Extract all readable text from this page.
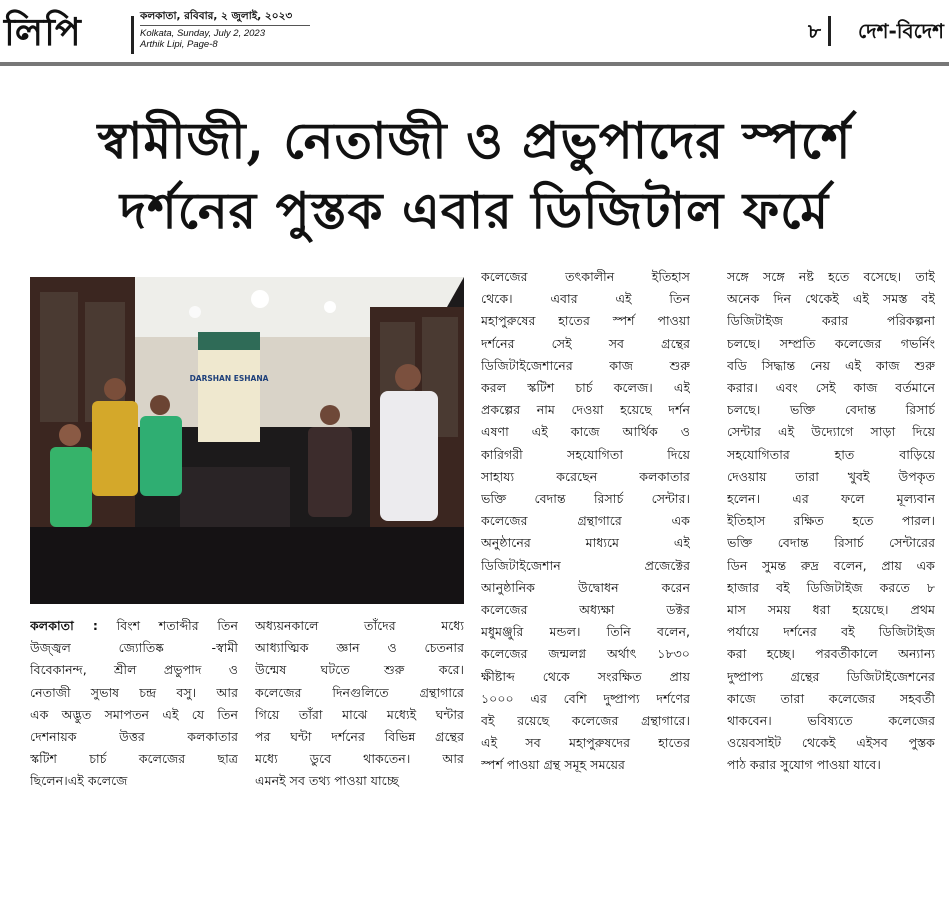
লিপি	কলকাতা, রবিবার, ২ জুলাই, ২০২৩
Kolkata, Sunday, July 2, 2023
Arthik Lipi, Page-8
৮ দেশ-বিদেশ
স্বামীজী, নেতাজী ও প্রভুপাদের স্পর্শে
দর্শনের পুস্তক এবার ডিজিটাল ফর্মে
DARSHAN ESHANA
কলকাতা : বিংশ শতাব্দীর তিন
উজ্জ্বল জ্যোতিষ্ক -স্বামী
বিবেকানন্দ, শ্রীল প্রভুপাদ ও
নেতাজী সুভাষ চন্দ্র বসু। আর
এক অদ্ভুত সমাপতন এই যে তিন
দেশনায়ক উত্তর কলকাতার
স্কটিশ চার্চ কলেজের ছাত্র
ছিলেন।এই কলেজে
অধ্যয়নকালে তাঁদের মধ্যে
আধ্যাত্মিক জ্ঞান ও চেতনার
উন্মেষ ঘটতে শুরু করে।
কলেজের দিনগুলিতে গ্রন্থাগারে
গিয়ে তাঁরা মাঝে মধ্যেই ঘন্টার
পর ঘন্টা দর্শনের বিভিন্ন গ্রন্থের
মধ্যে ডুবে থাকতেন। আর
এমনই সব তথ্য পাওয়া যাচ্ছে
কলেজের তৎকালীন ইতিহাস
থেকে। এবার এই তিন
মহাপুরুষের হাতের স্পর্শ পাওয়া
দর্শনের সেই সব গ্রন্থের
ডিজিটাইজেশানের কাজ শুরু
করল স্কটিশ চার্চ কলেজ। এই
প্রকল্পের নাম দেওয়া হয়েছে দর্শন
এষণা এই কাজে আর্থিক ও
কারিগরী সহযোগিতা দিয়ে
সাহায্য করেছেন কলকাতার
ভক্তি বেদান্ত রিসার্চ সেন্টার।
কলেজের গ্রন্থাগারে এক
অনুষ্ঠানের মাধ্যমে এই
ডিজিটাইজেশান প্রজেক্টের
আনুষ্ঠানিক উদ্বোধন করেন
কলেজের অধ্যক্ষা ডক্টর
মধুমঞ্জুরি মন্ডল। তিনি বলেন,
কলেজের জন্মলগ্ন অর্থাৎ ১৮৩০
ক্ষীষ্টাব্দ থেকে সংরক্ষিত প্রায়
১০০০ এর বেশি দুষ্প্রাপ্য দর্শণের
বই রয়েছে কলেজের গ্রন্থাগারে।
এই সব মহাপুরুষদের হাতের
স্পর্শ পাওয়া গ্রন্থ সমূহ সময়ের
সঙ্গে সঙ্গে নষ্ট হতে বসেছে। তাই
অনেক দিন থেকেই এই সমস্ত বই
ডিজিটাইজ করার পরিকল্পনা
চলছে। সম্প্রতি কলেজের গভর্নিং
বডি সিদ্ধান্ত নেয় এই কাজ শুরু
করার। এবং সেই কাজ বর্তমানে
চলছে। ভক্তি বেদান্ত রিসার্চ
সেন্টার এই উদ্যোগে সাড়া দিয়ে
সহযোগিতার হাত বাড়িয়ে
দেওয়ায় তারা খুবই উপকৃত
হলেন। এর ফলে মূল্যবান
ইতিহাস রক্ষিত হতে পারল।
ভক্তি বেদান্ত রিসার্চ সেন্টারের
ডিন সুমন্ত রুদ্র বলেন, প্রায় এক
হাজার বই ডিজিটাইজ করতে ৮
মাস সময় ধরা হয়েছে। প্রথম
পর্যায়ে দর্শনের বই ডিজিটাইজ
করা হচ্ছে। পরবর্তীকালে অন্যান্য
দুষ্প্রাপ্য গ্রন্থের ডিজিটাইজেশনের
কাজে তারা কলেজের সহবর্তী
থাকবেন। ভবিষ্যতে কলেজের
ওয়েবসাইট থেকেই এইসব পুস্তক
পাঠ করার সুযোগ পাওয়া যাবে।
